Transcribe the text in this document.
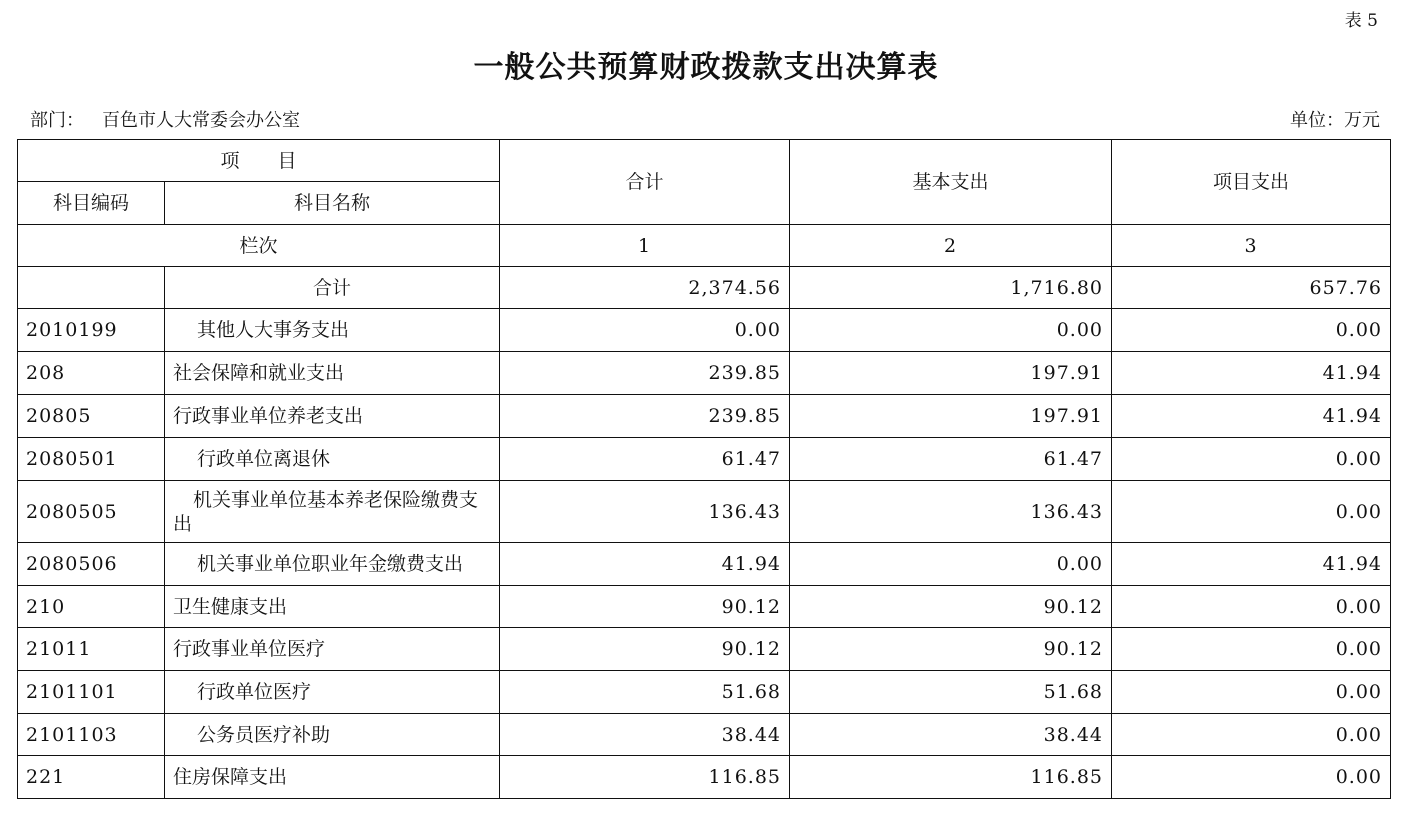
表 5
一般公共预算财政拨款支出决算表
部门： 百色市人大常委会办公室	单位：万元
项　　目		合计	基本支出	项目支出
科目编码	科目名称			
栏次		1	2	3
	合计	2,374.56	1,716.80	657.76
2010199	其他人大事务支出	0.00	0.00	0.00
208	社会保障和就业支出	239.85	197.91	41.94
20805	行政事业单位养老支出	239.85	197.91	41.94
2080501	行政单位离退休	61.47	61.47	0.00
2080505	机关事业单位基本养老保险缴费支出	136.43	136.43	0.00
2080506	机关事业单位职业年金缴费支出	41.94	0.00	41.94
210	卫生健康支出	90.12	90.12	0.00
21011	行政事业单位医疗	90.12	90.12	0.00
2101101	行政单位医疗	51.68	51.68	0.00
2101103	公务员医疗补助	38.44	38.44	0.00
221	住房保障支出	116.85	116.85	0.00
